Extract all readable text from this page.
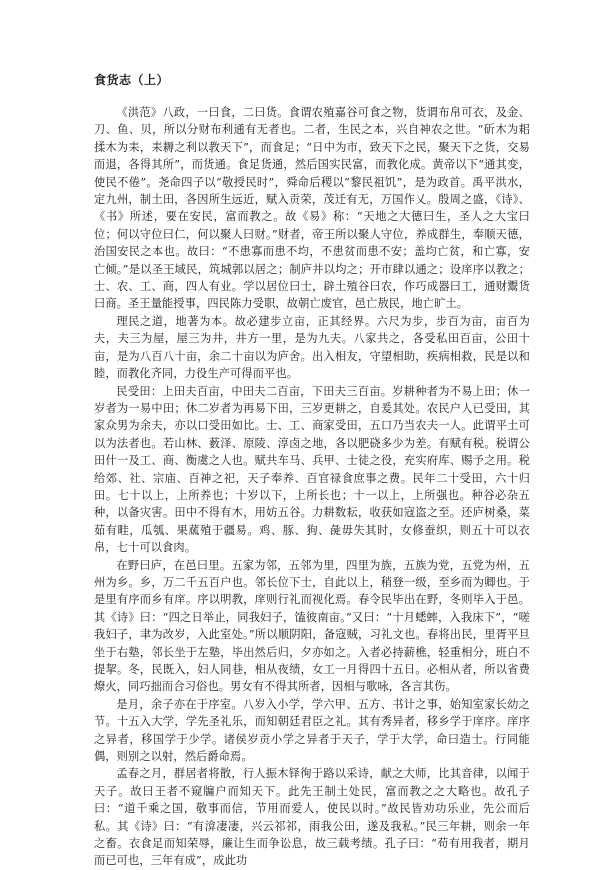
食货志（上）

《洪范》八政，一曰食，二曰货。食谓农殖嘉谷可食之物，货谓布帛可衣，及金、刀、鱼、贝，所以分财布利通有无者也。二者，生民之本，兴自神农之世。“斫木为耜揉木为耒，耒耨之利以教天下”，而食足；“日中为市，致天下之民，聚天下之货，交易而退，各得其所”，而货通。食足货通，然后国实民富，而教化成。黄帝以下“通其变，使民不倦”。尧命四子以“敬授民时”，舜命后稷以“黎民祖饥”，是为政首。禹平洪水，定九州，制土田，各因所生远近，赋入贡荣，茂迁有无，万国作乂。殷周之盛，《诗》、《书》所述，要在安民，富而教之。故《易》称：“天地之大德曰生，圣人之大宝曰位；何以守位曰仁，何以聚人曰财。”财者，帝王所以聚人守位，养成群生，奉顺天德，治国安民之本也。故曰：“不患寡而患不均，不患贫而患不安；盖均亡贫，和亡寡，安亡倾。”是以圣王域民，筑城郭以居之；制庐井以均之；开市肆以通之；设庠序以教之；士、农、工、商，四人有业。学以居位曰士，辟土殖谷曰农，作巧成器曰工，通财鬻货曰商。圣王量能授事，四民陈力受职，故朝亡废官，邑亡敖民，地亡旷土。

理民之道，地著为本。故必建步立亩，正其经界。六尺为步，步百为亩，亩百为夫，夫三为屋，屋三为井，井方一里，是为九夫。八家共之，各受私田百亩，公田十亩，是为八百八十亩，余二十亩以为庐舍。出入相友，守望相助，疾病相救，民是以和睦，而教化齐同，力役生产可得而平也。

民受田：上田夫百亩，中田夫二百亩，下田夫三百亩。岁耕种者为不易上田；休一岁者为一易中田；休二岁者为再易下田，三岁更耕之，自爰其处。农民户人已受田，其家众男为余夫，亦以口受田如比。士、工、商家受田，五口乃当农夫一人。此谓平土可以为法者也。若山林、薮泽、原陵、淳卤之地，各以肥硗多少为差。有赋有税。税谓公田什一及工、商、衡虞之人也。赋共车马、兵甲、士徒之役，充实府库、赐予之用。税给郊、社、宗庙、百神之祀，天子奉养、百官禄食庶事之费。民年二十受田，六十归田。七十以上，上所养也；十岁以下，上所长也；十一以上，上所强也。种谷必杂五种，以备灾害。田中不得有木，用妨五谷。力耕数耘，收获如寇盗之至。还庐树桑，菜茹有畦，瓜瓠、果蓏殖于疆易。鸡、豚、狗、彘毋失其时，女修蚕织，则五十可以衣帛，七十可以食肉。

在野曰庐，在邑曰里。五家为邻，五邻为里，四里为族，五族为党，五党为州，五州为乡。乡，万二千五百户也。邻长位下士，自此以上，稍登一级，至乡而为卿也。于是里有序而乡有庠。序以明教，庠则行礼而视化焉。春令民毕出在野，冬则毕入于邑。其《诗》曰：“四之日举止，同我妇子，馌彼南亩。”又曰：“十月蟋蟀，入我床下”，“嗟我妇子，聿为改岁，入此室处。”所以顺阴阳，备寇贼，习礼文也。春将出民，里胥平旦坐于右塾，邻长坐于左塾，毕出然后归，夕亦如之。入者必持薪樵，轻重相分，班白不提挈。冬，民既入，妇人同巷，相从夜绩，女工一月得四十五日。必相从者，所以省费燎火，同巧拙而合习俗也。男女有不得其所者，因相与歌咏，各言其伤。

是月，余子亦在于序室。八岁入小学，学六甲、五方、书计之事，始知室家长幼之节。十五入大学，学先圣礼乐，而知朝廷君臣之礼。其有秀异者，移乡学于庠序。庠序之异者，移国学于少学。诸侯岁贡小学之异者于天子，学于大学，命曰造士。行同能偶，则别之以射，然后爵命焉。

孟春之月，群居者将散，行人振木铎徇于路以采诗，献之大师，比其音律，以闻于天子。故曰王者不窥牖户而知天下。此先王制土处民，富而教之之大略也。故孔子曰：“道千乘之国，敬事而信，节用而爱人，使民以时。”故民皆劝功乐业，先公而后私。其《诗》曰：“有渰凄凄，兴云祁祁，雨我公田，遂及我私。”民三年耕，则余一年之畜。衣食足而知荣辱，廉让生而争讼息，故三载考绩。孔子曰：“苟有用我者，期月而已可也，三年有成”，成此功
